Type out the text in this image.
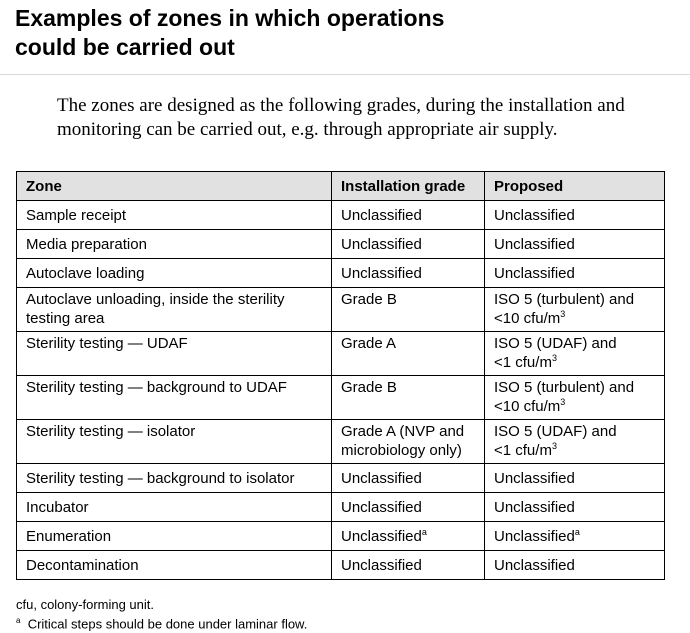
Examples of zones in which operations
could be carried out

The zones are designed as the following grades, during the installation and monitoring can be carried out, e.g. through appropriate air supply.

Zone	Installation grade	Proposed
Sample receipt	Unclassified	Unclassified
Media preparation	Unclassified	Unclassified
Autoclave loading	Unclassified	Unclassified
Autoclave unloading, inside the sterility testing area	Grade B	ISO 5 (turbulent) and
<10 cfu/$m^3$
Sterility testing — UDAF	Grade A	ISO 5 (UDAF) and
<1 cfu/$m^3$
Sterility testing — background to UDAF	Grade B	ISO 5 (turbulent) and
<10 cfu/$m^3$
Sterility testing — isolator	Grade A (NVP and microbiology only)	ISO 5 (UDAF) and
<1 cfu/$m^3$
Sterility testing — background to isolator	Unclassified	Unclassified
Incubator	Unclassified	Unclassified
Enumeration	Unclassified$^a$	Unclassified$^a$
Decontamination	Unclassified	Unclassified

cfu, colony-forming unit.

$^a$ Critical steps should be done under laminar flow.
